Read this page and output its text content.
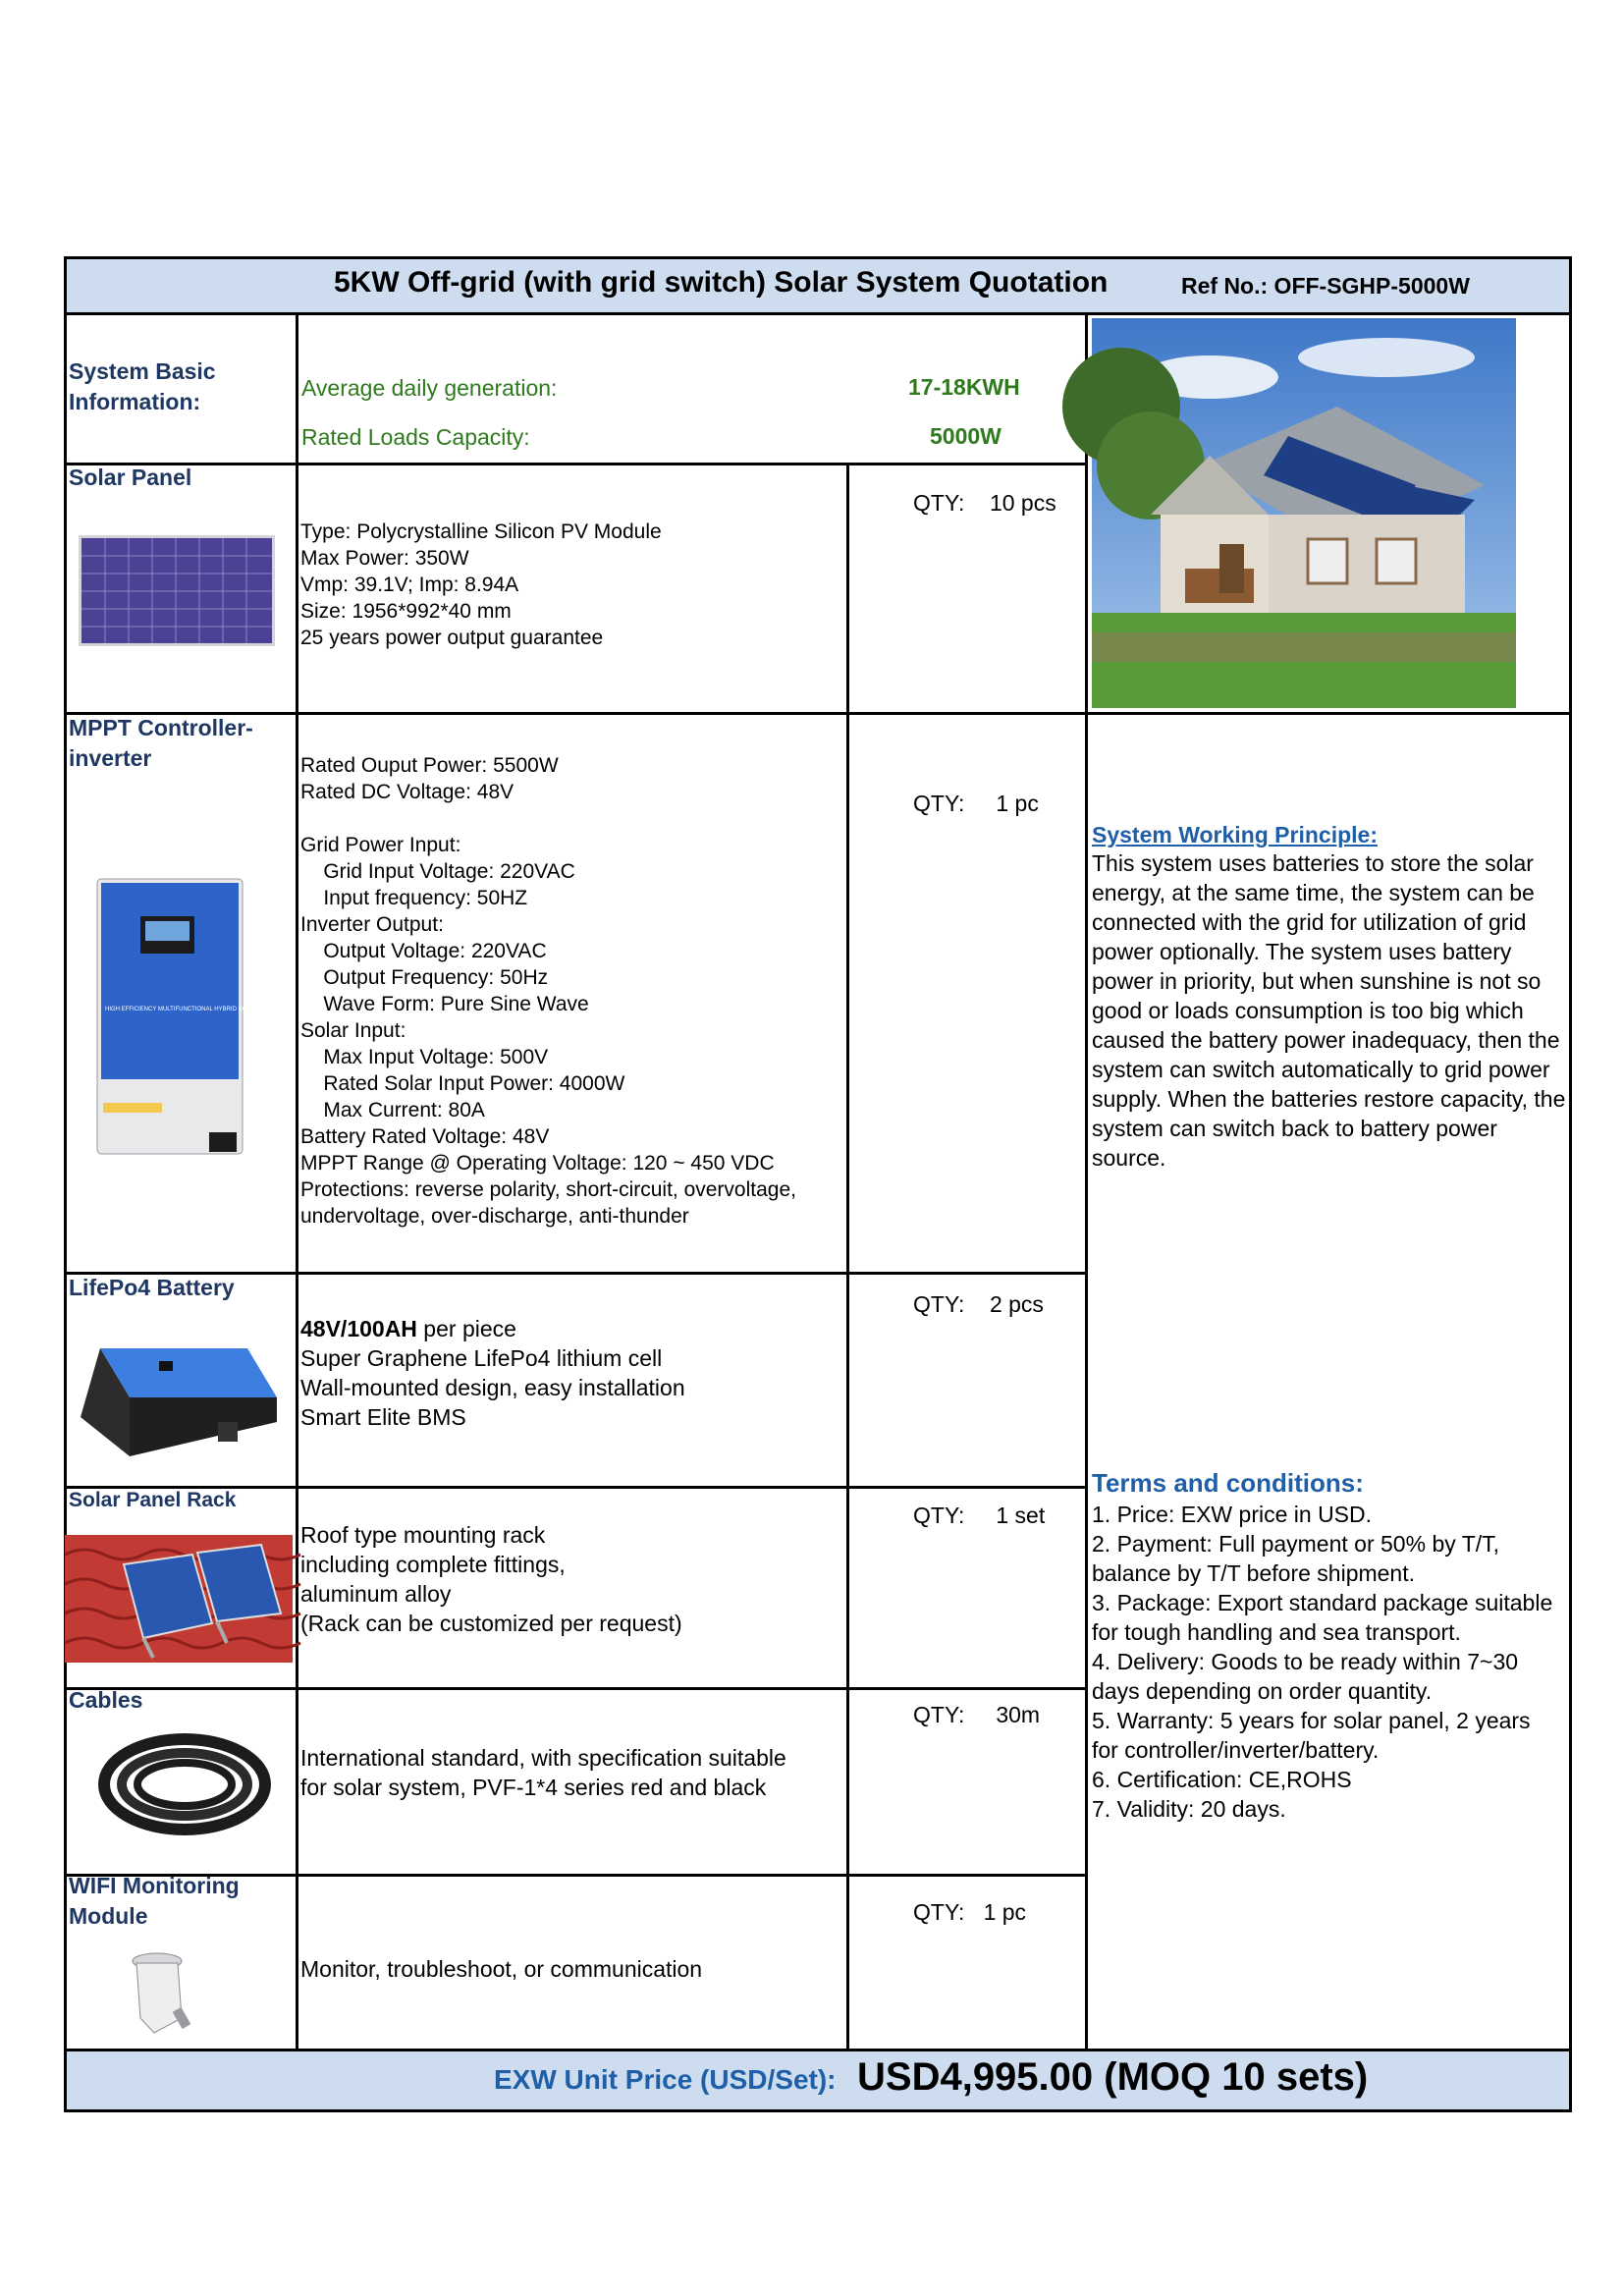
5KW Off-grid (with grid switch) Solar System Quotation	Ref No.: OFF-SGHP-5000W
System Basic Information:
Average daily generation:	17-18KWH
Rated Loads Capacity:	5000W
Solar Panel
Type: Polycrystalline Silicon PV Module
Max Power: 350W
Vmp: 39.1V; Imp: 8.94A
Size: 1956*992*40 mm
25 years power output guarantee
QTY:    10 pcs
MPPT Controller-inverter
HIGH EFFICIENCY MULTIFUNCTIONAL HYBRID SOLAR INVERTER
Rated Ouput Power: 5500W
Rated DC Voltage: 48V

Grid Power Input:
Grid Input Voltage: 220VAC
Input frequency: 50HZ
Inverter Output:
Output Voltage: 220VAC
Output Frequency: 50Hz
Wave Form: Pure Sine Wave
Solar Input:
Max Input Voltage: 500V
Rated Solar Input Power: 4000W
Max Current: 80A
Battery Rated Voltage: 48V
MPPT Range @ Operating Voltage: 120 ~ 450 VDC
Protections: reverse polarity, short-circuit, overvoltage,
undervoltage, over-discharge, anti-thunder
QTY:     1 pc
LifePo4 Battery
48V/100AH per piece
Super Graphene LifePo4 lithium cell
Wall-mounted design, easy installation
Smart Elite BMS
QTY:    2 pcs
Solar Panel Rack
Roof type mounting rack
including complete fittings,
aluminum alloy
(Rack can be customized per request)
QTY:     1 set
Cables
International standard, with specification suitable
for solar system, PVF-1*4 series red and black
QTY:     30m
WIFI Monitoring Module
Monitor, troubleshoot, or communication
QTY:   1 pc
System Working Principle:
This system uses batteries to store the solar energy, at the same time, the system can be connected with the grid for utilization of grid power optionally. The system uses battery power in priority, but when sunshine is not so good or loads consumption is too big which caused the battery power inadequacy, then the system can switch automatically to grid power supply. When the batteries restore capacity, the system can switch back to battery power source.
Terms and conditions:
1. Price: EXW price in USD.
2. Payment: Full payment or 50% by T/T, balance by T/T before shipment.
3. Package: Export standard package suitable for tough handling and sea transport.
4. Delivery: Goods to be ready within 7~30 days depending on order quantity.
5. Warranty: 5 years for solar panel, 2 years for controller/inverter/battery.
6. Certification: CE,ROHS
7. Validity: 20 days.
EXW Unit Price (USD/Set): USD4,995.00 (MOQ 10 sets)
